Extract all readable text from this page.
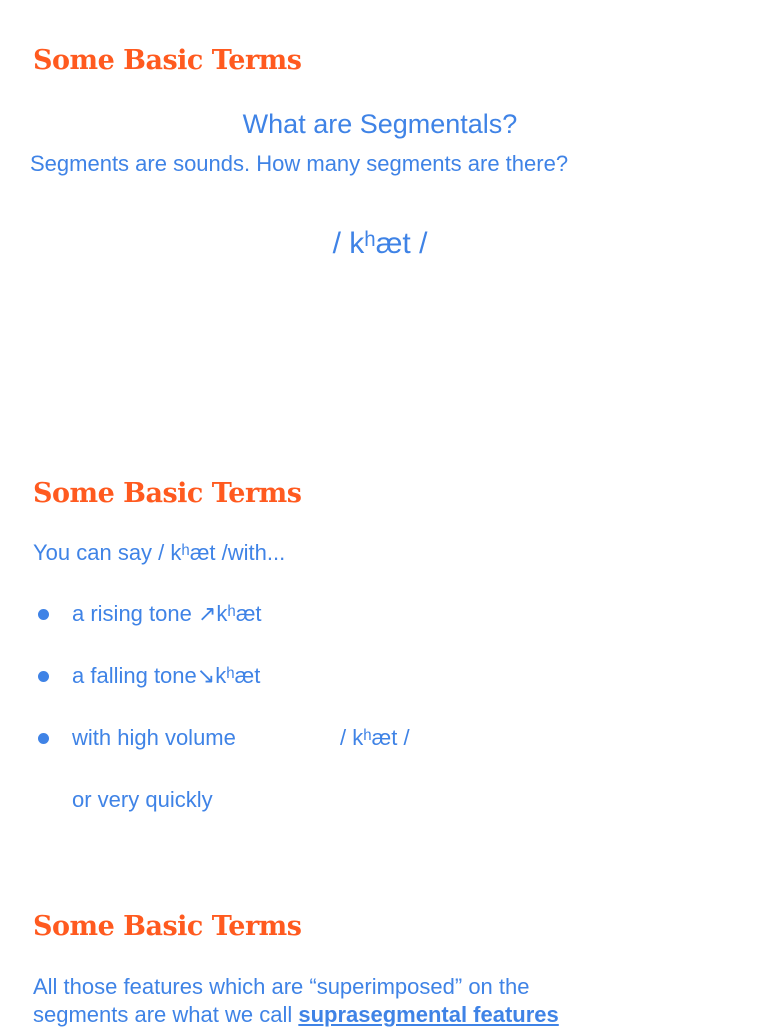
Some Basic Terms
What are Segmentals?
Segments are sounds. How many segments are there?
/ kʰæt /
Some Basic Terms
You can say / kʰæt /with...
a rising tone ↗kʰæt
a falling tone↘kʰæt
with high volume	/ kʰæt /
or very quickly
Some Basic Terms
All those features which are “superimposed” on the
segments are what we call suprasegmental features
